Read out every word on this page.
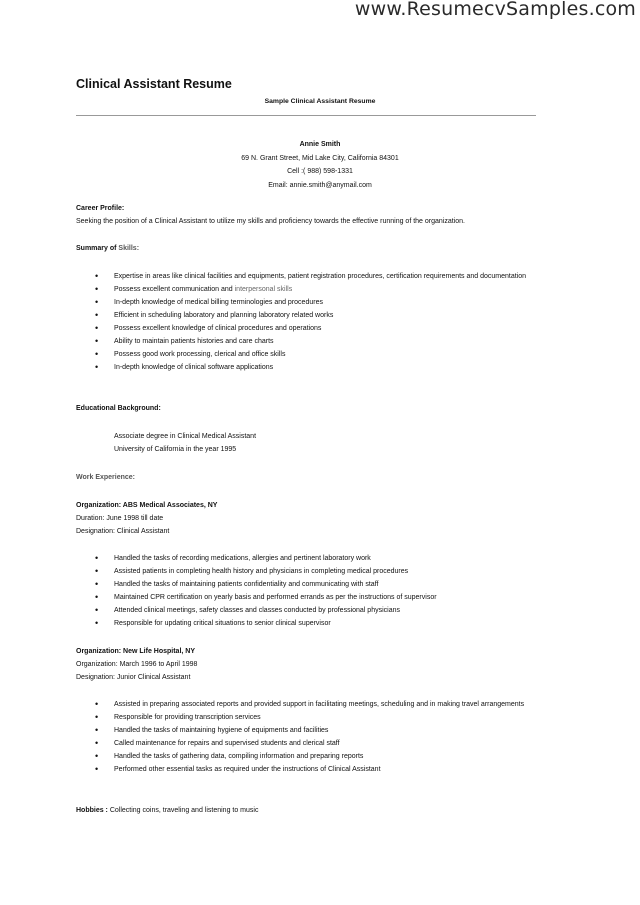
www.ResumecvSamples.com
Clinical Assistant Resume
Sample Clinical Assistant Resume
Annie Smith
69 N. Grant Street, Mid Lake City, California 84301
Cell :( 988) 598-1331
Email: annie.smith@anymail.com
Career Profile:
Seeking the position of a Clinical Assistant to utilize my skills and proficiency towards the effective running of the organization.
Summary of Skills:
• Expertise in areas like clinical facilities and equipments, patient registration procedures, certification requirements and documentation
• Possess excellent communication and interpersonal skills
• In-depth knowledge of medical billing terminologies and procedures
• Efficient in scheduling laboratory and planning laboratory related works
• Possess excellent knowledge of clinical procedures and operations
• Ability to maintain patients histories and care charts
• Possess good work processing, clerical and office skills
• In-depth knowledge of clinical software applications
Educational Background:
Associate degree in Clinical Medical Assistant
University of California in the year 1995
Work Experience:
Organization: ABS Medical Associates, NY
Duration: June 1998 till date
Designation: Clinical Assistant
• Handled the tasks of recording medications, allergies and pertinent laboratory work
• Assisted patients in completing health history and physicians in completing medical procedures
• Handled the tasks of maintaining patients confidentiality and communicating with staff
• Maintained CPR certification on yearly basis and performed errands as per the instructions of supervisor
• Attended clinical meetings, safety classes and classes conducted by professional physicians
• Responsible for updating critical situations to senior clinical supervisor
Organization: New Life Hospital, NY
Organization: March 1996 to April 1998
Designation: Junior Clinical Assistant
• Assisted in preparing associated reports and provided support in facilitating meetings, scheduling and in making travel arrangements
• Responsible for providing transcription services
• Handled the tasks of maintaining hygiene of equipments and facilities
• Called maintenance for repairs and supervised students and clerical staff
• Handled the tasks of gathering data, compiling information and preparing reports
• Performed other essential tasks as required under the instructions of Clinical Assistant
Hobbies : Collecting coins, traveling and listening to music
